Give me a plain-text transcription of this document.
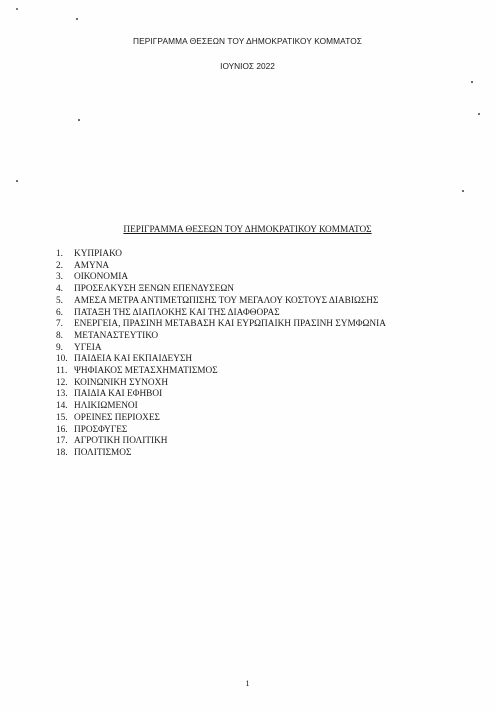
ΠΕΡΙΓΡΑΜΜΑ ΘΕΣΕΩΝ ΤΟΥ ΔΗΜΟΚΡΑΤΙΚΟΥ ΚΟΜΜΑΤΟΣ
ΙΟΥΝΙΟΣ 2022
ΠΕΡΙΓΡΑΜΜΑ ΘΕΣΕΩΝ ΤΟΥ ΔΗΜΟΚΡΑΤΙΚΟΥ ΚΟΜΜΑΤΟΣ
1. ΚΥΠΡΙΑΚΟ
2. ΑΜΥΝΑ
3. ΟΙΚΟΝΟΜΙΑ
4. ΠΡΟΣΕΛΚΥΣΗ ΞΕΝΩΝ ΕΠΕΝΔΥΣΕΩΝ
5. ΑΜΕΣΑ ΜΕΤΡΑ ΑΝΤΙΜΕΤΩΠΙΣΗΣ ΤΟΥ ΜΕΓΑΛΟΥ ΚΟΣΤΟΥΣ ΔΙΑΒΙΩΣΗΣ
6. ΠΑΤΑΞΗ ΤΗΣ ΔΙΑΠΛΟΚΗΣ ΚΑΙ ΤΗΣ ΔΙΑΦΘΟΡΑΣ
7. ΕΝΕΡΓΕΙΑ, ΠΡΑΣΙΝΗ ΜΕΤΑΒΑΣΗ ΚΑΙ ΕΥΡΩΠΑΙΚΗ ΠΡΑΣΙΝΗ ΣΥΜΦΩΝΙΑ
8. ΜΕΤΑΝΑΣΤΕΥΤΙΚΟ
9. ΥΓΕΙΑ
10. ΠΑΙΔΕΙΑ ΚΑΙ ΕΚΠΑΙΔΕΥΣΗ
11. ΨΗΦΙΑΚΟΣ ΜΕΤΑΣΧΗΜΑΤΙΣΜΟΣ
12. ΚΟΙΝΩΝΙΚΗ ΣΥΝΟΧΗ
13. ΠΑΙΔΙΑ ΚΑΙ ΕΦΗΒΟΙ
14. ΗΛΙΚΙΩΜΕΝΟΙ
15. ΟΡΕΙΝΕΣ ΠΕΡΙΟΧΕΣ
16. ΠΡΟΣΦΥΓΕΣ
17. ΑΓΡΟΤΙΚΗ ΠΟΛΙΤΙΚΗ
18. ΠΟΛΙΤΙΣΜΟΣ
1
